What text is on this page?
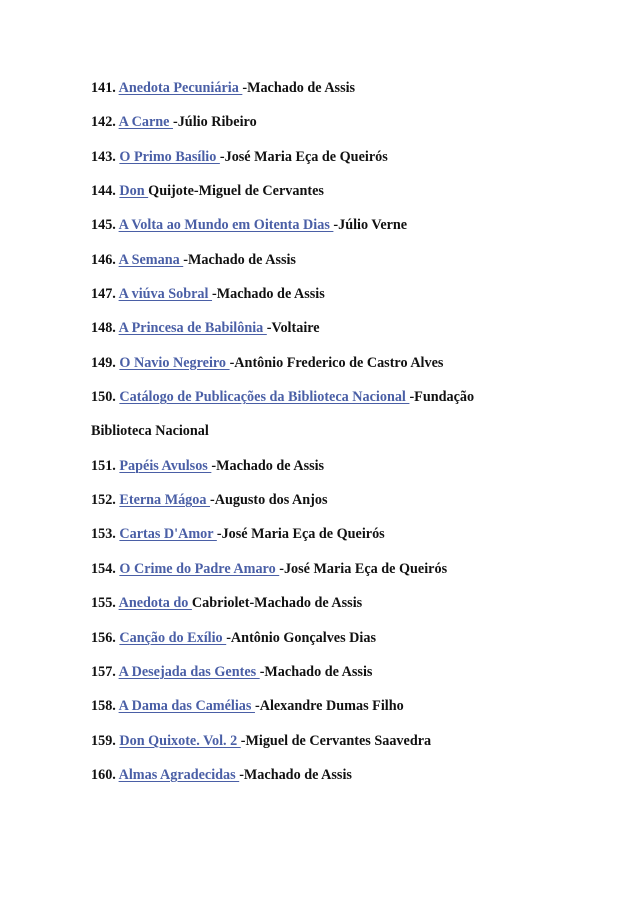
141. Anedota Pecuniária -Machado de Assis
142. A Carne -Júlio Ribeiro
143. O Primo Basílio -José Maria Eça de Queirós
144. Don Quijote-Miguel de Cervantes
145. A Volta ao Mundo em Oitenta Dias -Júlio Verne
146. A Semana -Machado de Assis
147. A viúva Sobral -Machado de Assis
148. A Princesa de Babilônia -Voltaire
149. O Navio Negreiro -Antônio Frederico de Castro Alves
150. Catálogo de Publicações da Biblioteca Nacional -Fundação
Biblioteca Nacional
151. Papéis Avulsos -Machado de Assis
152. Eterna Mágoa -Augusto dos Anjos
153. Cartas D'Amor -José Maria Eça de Queirós
154. O Crime do Padre Amaro -José Maria Eça de Queirós
155. Anedota do Cabriolet-Machado de Assis
156. Canção do Exílio -Antônio Gonçalves Dias
157. A Desejada das Gentes -Machado de Assis
158. A Dama das Camélias -Alexandre Dumas Filho
159. Don Quixote. Vol. 2 -Miguel de Cervantes Saavedra
160. Almas Agradecidas -Machado de Assis
